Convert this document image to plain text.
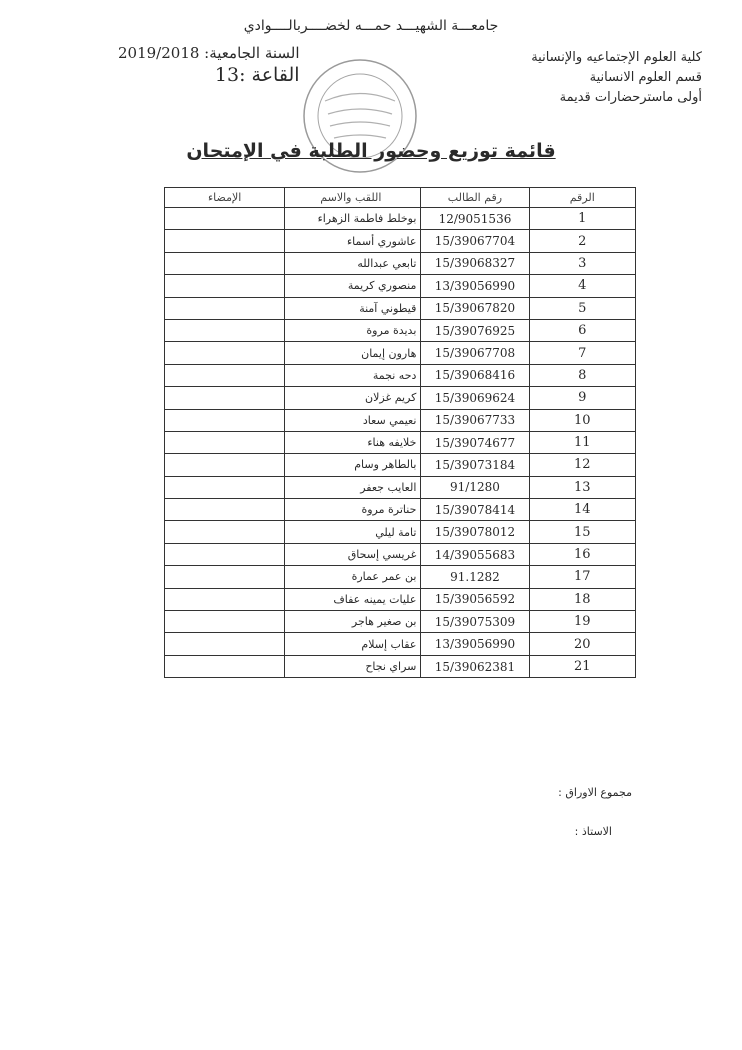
جامعـــة الشهيـــد حمـــه لخضــــربالــــوادي
كلية العلوم الإجتماعيه والإنسانية
قسم العلوم الانسانية
أولى ماسترحضارات قديمة
السنة الجامعية: 2019/2018
القاعة :13
قائمة توزيع وحضور الطلبة في الإمتحان
الرقم	رقم الطالب	اللقب والاسم	الإمضاء
1	12/9051536	بوخلط فاطمة الزهراء	
2	15/39067704	عاشوري أسماء	
3	15/39068327	تابعي عبدالله	
4	13/39056990	منصوري كريمة	
5	15/39067820	قيطوني آمنة	
6	15/39076925	بديدة مروة	
7	15/39067708	هارون إيمان	
8	15/39068416	دحه نجمة	
9	15/39069624	كريم غزلان	
10	15/39067733	نعيمي سعاد	
11	15/39074677	خلايفه هناء	
12	15/39073184	بالطاهر وسام	
13	91/1280	العايب جعفر	
14	15/39078414	حناترة مروة	
15	15/39078012	تامة ليلي	
16	14/39055683	غريسي إسحاق	
17	91.1282	بن عمر عمارة	
18	15/39056592	عليات يمينه عفاف	
19	15/39075309	بن صغير هاجر	
20	13/39056990	عقاب إسلام	
21	15/39062381	سراي نجاح	
مجموع الاوراق :
الاستاذ :
